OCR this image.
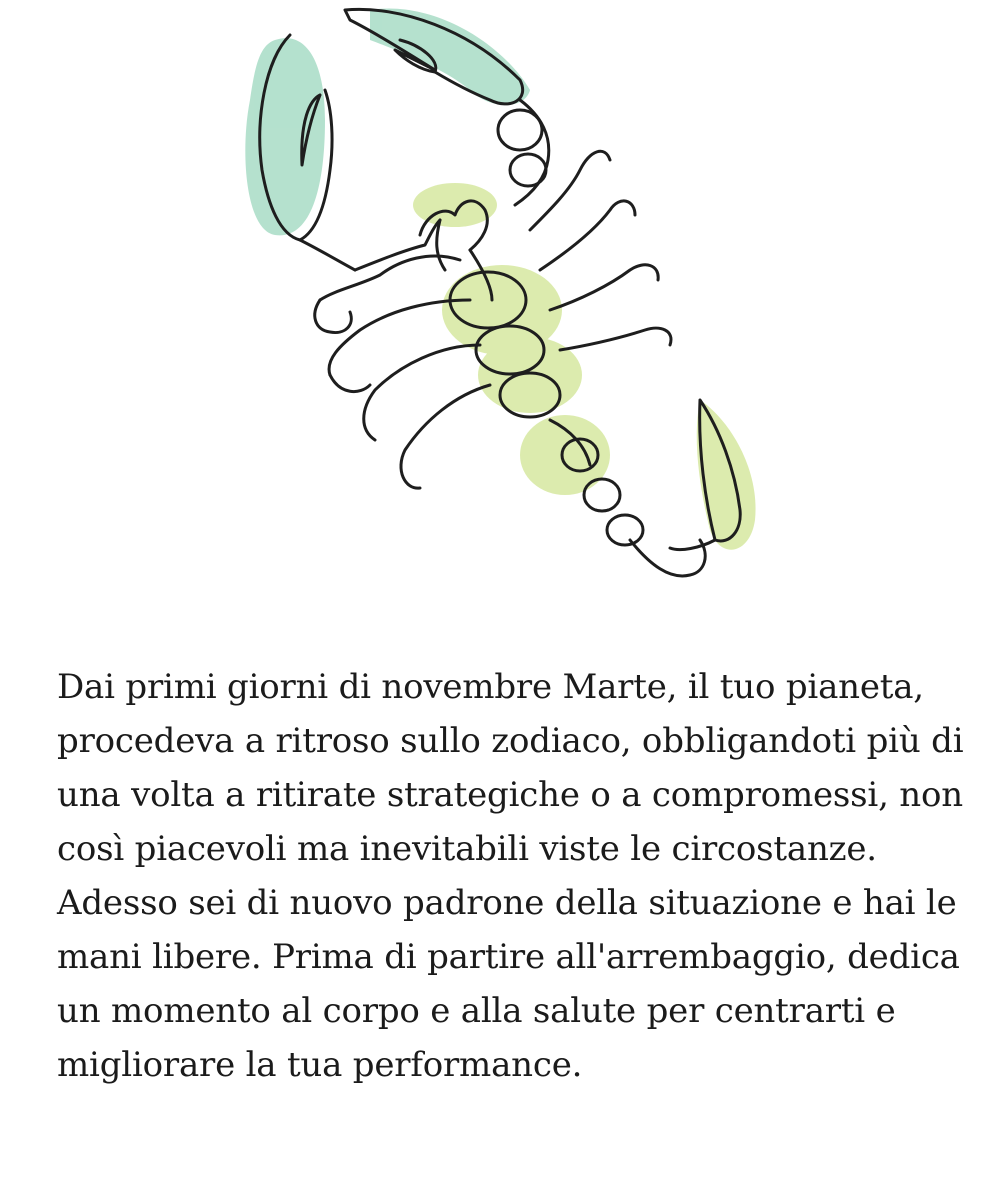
Dai primi giorni di novembre Marte, il tuo pianeta, procedeva a ritroso sullo zodiaco, obbligandoti più di una volta a ritirate strategiche o a compromessi, non così piacevoli ma inevitabili viste le circostanze. Adesso sei di nuovo padrone della situazione e hai le mani libere. Prima di partire all'arrembaggio, dedica un momento al corpo e alla salute per centrarti e migliorare la tua performance.
